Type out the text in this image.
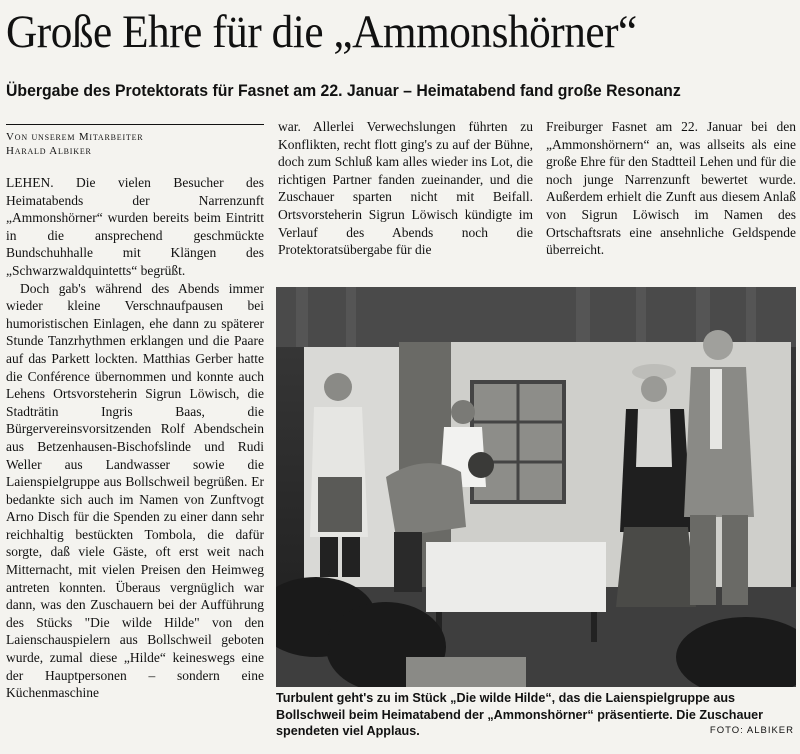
Große Ehre für die „Ammonshörner“
Übergabe des Protektorats für Fasnet am 22. Januar – Heimatabend fand große Resonanz
Von unserem Mitarbeiter
Harald Albiker

LEHEN. Die vielen Besucher des Heimatabends der Narrenzunft „Ammonshörner“ wurden bereits beim Eintritt in die ansprechend geschmückte Bundschuhhalle mit Klängen des „Schwarzwaldquintetts“ begrüßt.

Doch gab's während des Abends immer wieder kleine Verschnaufpausen bei humoristischen Einlagen, ehe dann zu späterer Stunde Tanzrhythmen erklangen und die Paare auf das Parkett lockten. Matthias Gerber hatte die Conférence übernommen und konnte auch Lehens Ortsvorsteherin Sigrun Löwisch, die Stadträtin Ingris Baas, die Bürgervereinsvorsitzenden Rolf Abendschein aus Betzenhausen-Bischofslinde und Rudi Weller aus Landwasser sowie die Laienspielgruppe aus Bollschweil begrüßen. Er bedankte sich auch im Namen von Zunftvogt Arno Disch für die Spenden zu einer dann sehr reichhaltig bestückten Tombola, die dafür sorgte, daß viele Gäste, oft erst weit nach Mitternacht, mit vielen Preisen den Heimweg antreten konnten. Überaus vergnüglich war dann, was den Zuschauern bei der Aufführung des Stücks "Die wilde Hilde" von den Laienschauspielern aus Bollschweil geboten wurde, zumal diese „Hilde“ keineswegs eine der Hauptpersonen – sondern eine Küchenmaschine

war. Allerlei Verwechslungen führten zu Konflikten, recht flott ging's zu auf der Bühne, doch zum Schluß kam alles wieder ins Lot, die richtigen Partner fanden zueinander, und die Zuschauer sparten nicht mit Beifall. Ortsvorsteherin Sigrun Löwisch kündigte im Verlauf des Abends noch die Protektoratsübergabe für die

Freiburger Fasnet am 22. Januar bei den „Ammonshörnern“ an, was allseits als eine große Ehre für den Stadtteil Lehen und für die noch junge Narrenzunft bewertet wurde. Außerdem erhielt die Zunft aus diesem Anlaß von Sigrun Löwisch im Namen des Ortschaftsrats eine ansehnliche Geldspende überreicht.

Turbulent geht's zu im Stück „Die wilde Hilde“, das die Laienspielgruppe aus Bollschweil beim Heimatabend der „Ammonshörner“ präsentierte. Die Zuschauer spendeten viel Applaus.	FOTO: ALBIKER
